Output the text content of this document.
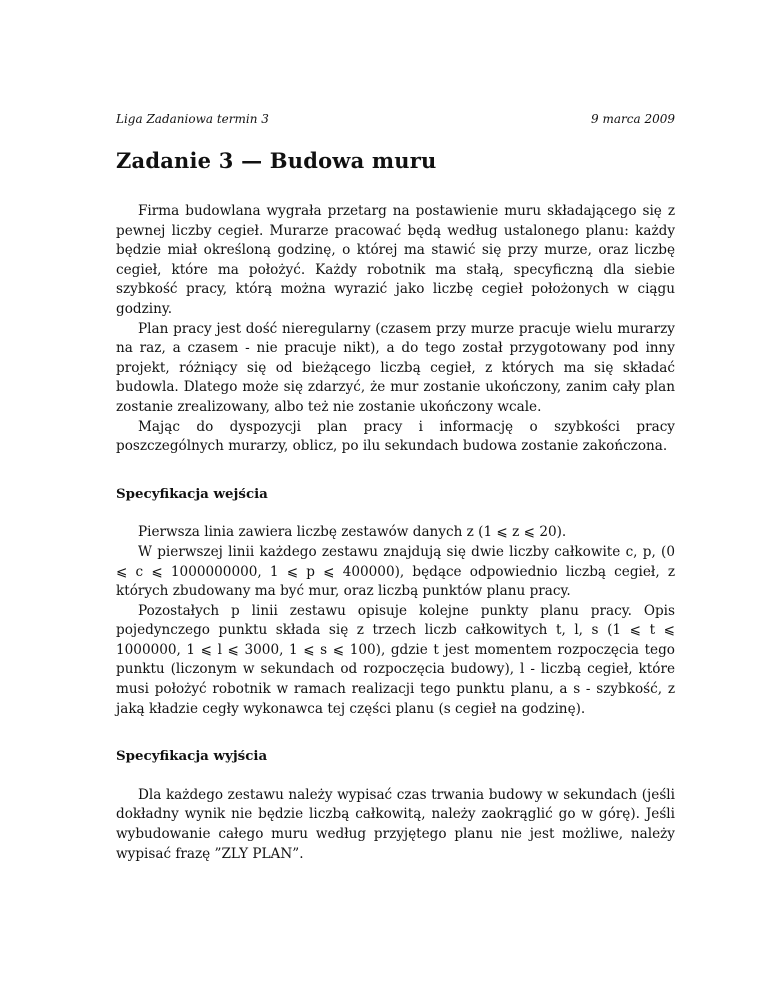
Liga Zadaniowa termin 3	9 marca 2009
Zadanie 3 — Budowa muru

Firma budowlana wygrała przetarg na postawienie muru składającego się z pewnej liczby cegieł. Murarze pracować będą według ustalonego planu: każdy będzie miał określoną godzinę, o której ma stawić się przy murze, oraz liczbę cegieł, które ma położyć. Każdy robotnik ma stałą, specyficzną dla siebie szybkość pracy, którą można wyrazić jako liczbę cegieł położonych w ciągu godziny.

Plan pracy jest dość nieregularny (czasem przy murze pracuje wielu murarzy na raz, a czasem - nie pracuje nikt), a do tego został przygotowany pod inny projekt, różniący się od bieżącego liczbą cegieł, z których ma się składać budowla. Dlatego może się zdarzyć, że mur zostanie ukończony, zanim cały plan zostanie zrealizowany, albo też nie zostanie ukończony wcale.

Mając do dyspozycji plan pracy i informację o szybkości pracy poszczególnych murarzy, oblicz, po ilu sekundach budowa zostanie zakończona.

Specyfikacja wejścia

Pierwsza linia zawiera liczbę zestawów danych z (1 ⩽ z ⩽ 20).

W pierwszej linii każdego zestawu znajdują się dwie liczby całkowite c, p, (0 ⩽ c ⩽ 1000000000, 1 ⩽ p ⩽ 400000), będące odpowiednio liczbą cegieł, z których zbudowany ma być mur, oraz liczbą punktów planu pracy.

Pozostałych p linii zestawu opisuje kolejne punkty planu pracy. Opis pojedynczego punktu składa się z trzech liczb całkowitych t, l, s (1 ⩽ t ⩽ 1000000, 1 ⩽ l ⩽ 3000, 1 ⩽ s ⩽ 100), gdzie t jest momentem rozpoczęcia tego punktu (liczonym w sekundach od rozpoczęcia budowy), l - liczbą cegieł, które musi położyć robotnik w ramach realizacji tego punktu planu, a s - szybkość, z jaką kładzie cegły wykonawca tej części planu (s cegieł na godzinę).

Specyfikacja wyjścia

Dla każdego zestawu należy wypisać czas trwania budowy w sekundach (jeśli dokładny wynik nie będzie liczbą całkowitą, należy zaokrąglić go w górę). Jeśli wybudowanie całego muru według przyjętego planu nie jest możliwe, należy wypisać frazę ”ZLY PLAN”.
